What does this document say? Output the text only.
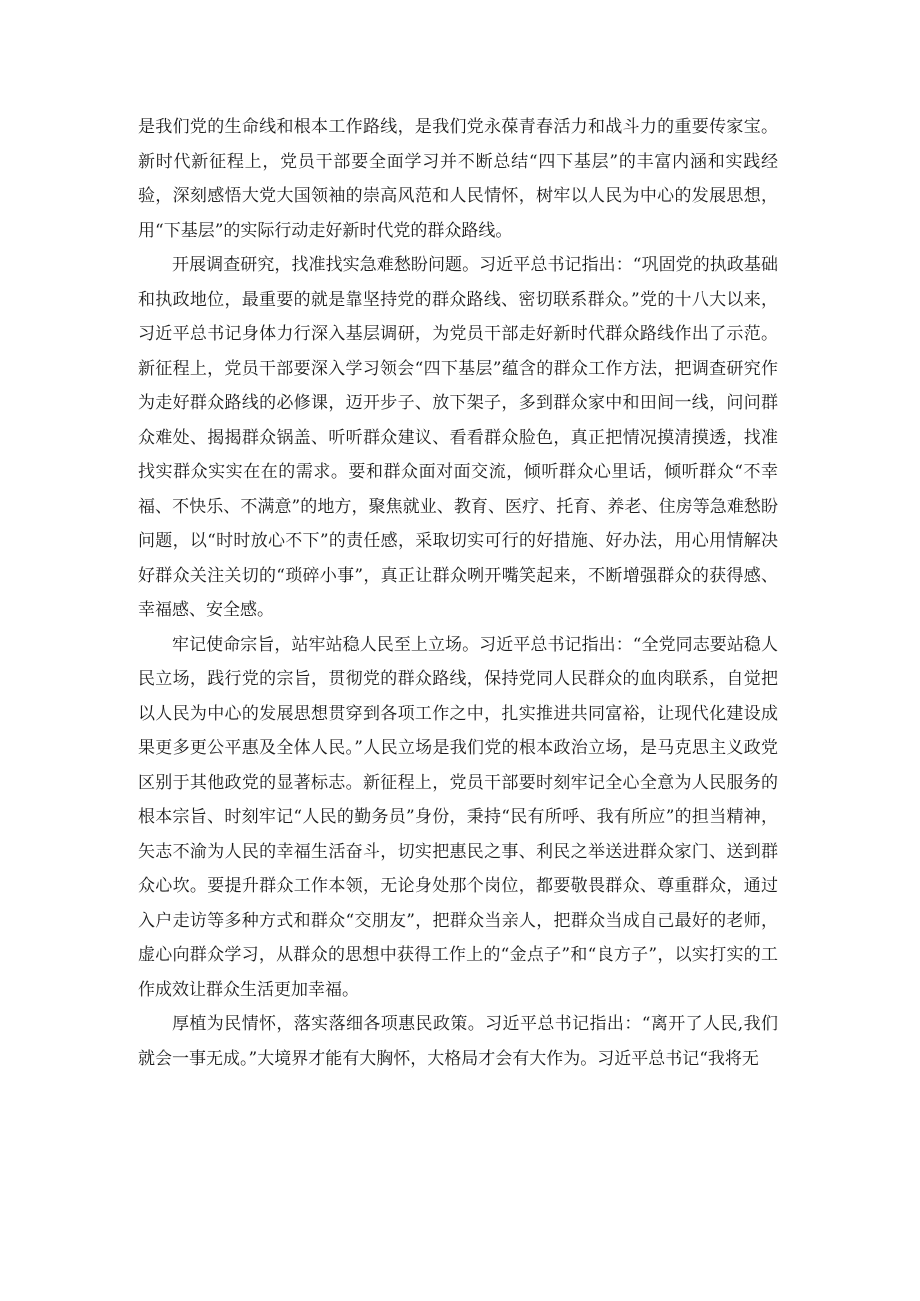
是我们党的生命线和根本工作路线，是我们党永葆青春活力和战斗力的重要传家宝。新时代新征程上，党员干部要全面学习并不断总结“四下基层”的丰富内涵和实践经验，深刻感悟大党大国领袖的崇高风范和人民情怀，树牢以人民为中心的发展思想，用“下基层”的实际行动走好新时代党的群众路线。

开展调查研究，找准找实急难愁盼问题。习近平总书记指出：“巩固党的执政基础和执政地位，最重要的就是靠坚持党的群众路线、密切联系群众。”党的十八大以来，习近平总书记身体力行深入基层调研，为党员干部走好新时代群众路线作出了示范。新征程上，党员干部要深入学习领会“四下基层”蕴含的群众工作方法，把调查研究作为走好群众路线的必修课，迈开步子、放下架子，多到群众家中和田间一线，问问群众难处、揭揭群众锅盖、听听群众建议、看看群众脸色，真正把情况摸清摸透，找准找实群众实实在在的需求。要和群众面对面交流，倾听群众心里话，倾听群众“不幸福、不快乐、不满意”的地方，聚焦就业、教育、医疗、托育、养老、住房等急难愁盼问题，以“时时放心不下”的责任感，采取切实可行的好措施、好办法，用心用情解决好群众关注关切的“琐碎小事”，真正让群众咧开嘴笑起来，不断增强群众的获得感、幸福感、安全感。

牢记使命宗旨，站牢站稳人民至上立场。习近平总书记指出：“全党同志要站稳人民立场，践行党的宗旨，贯彻党的群众路线，保持党同人民群众的血肉联系，自觉把以人民为中心的发展思想贯穿到各项工作之中，扎实推进共同富裕，让现代化建设成果更多更公平惠及全体人民。”人民立场是我们党的根本政治立场，是马克思主义政党区别于其他政党的显著标志。新征程上，党员干部要时刻牢记全心全意为人民服务的根本宗旨、时刻牢记“人民的勤务员”身份，秉持“民有所呼、我有所应”的担当精神，矢志不渝为人民的幸福生活奋斗，切实把惠民之事、利民之举送进群众家门、送到群众心坎。要提升群众工作本领，无论身处那个岗位，都要敬畏群众、尊重群众，通过入户走访等多种方式和群众“交朋友”，把群众当亲人，把群众当成自己最好的老师，虚心向群众学习，从群众的思想中获得工作上的“金点子”和“良方子”，以实打实的工作成效让群众生活更加幸福。

厚植为民情怀，落实落细各项惠民政策。习近平总书记指出：“离开了人民,我们就会一事无成。”大境界才能有大胸怀，大格局才会有大作为。习近平总书记“我将无
